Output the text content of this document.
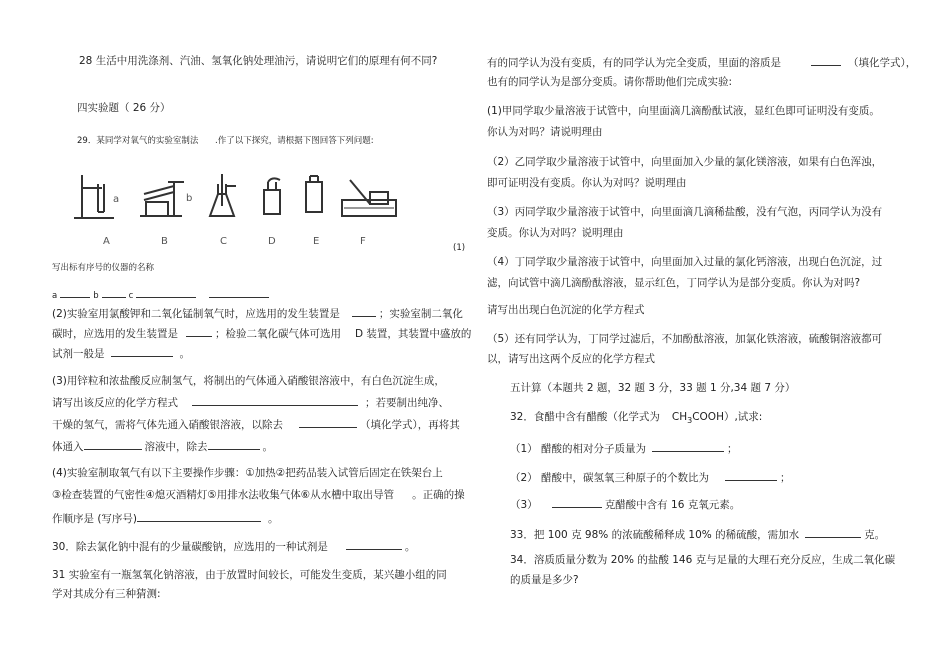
28 生活中用洗涤剂、汽油、氢氧化钠处理油污，请说明它们的原理有何不同?
四实验题（ 26 分）
29．某同学对氧气的实验室制法 .作了以下探究，请根据下图回答下列问题:
a	b
A	B	C	D	E	F
(1)
写出标有序号的仪器的名称
a	b	c
(2)实验室用氯酸钾和二氧化锰制氧气时，应选用的发生装置是	；实验室制二氧化
碳时，应选用的发生装置是	；检验二氧化碳气体可选用 D 装置，其装置中盛放的
试剂一般是	。
(3)用锌粒和浓盐酸反应制氢气，将制出的气体通入硝酸银溶液中，有白色沉淀生成，
请写出该反应的化学方程式	；若要制出纯净、
干燥的氢气，需将气体先通入硝酸银溶液，以除去	（填化学式），再将其
体通入	溶液中，除去	。
(4)实验室制取氧气有以下主要操作步骤：①加热②把药品装入试管后固定在铁架台上
③检查装置的气密性④熄灭酒精灯⑤用排水法收集气体⑥从水槽中取出导管 。正确的操
作顺序是 (写序号)	。
30．除去氯化钠中混有的少量碳酸钠，应选用的一种试剂是	。
31 实验室有一瓶氢氧化钠溶液，由于放置时间较长，可能发生变质，某兴趣小组的同
学对其成分有三种猜测:
有的同学认为没有变质，有的同学认为完全变质，里面的溶质是	（填化学式），
也有的同学认为是部分变质。请你帮助他们完成实验:
(1)甲同学取少量溶液于试管中，向里面滴几滴酚酞试液，显红色即可证明没有变质。
你认为对吗？请说明理由
（2）乙同学取少量溶液于试管中，向里面加入少量的氯化镁溶液，如果有白色浑浊，
即可证明没有变质。你认为对吗？说明理由
（3）丙同学取少量溶液于试管中，向里面滴几滴稀盐酸，没有气泡，丙同学认为没有
变质。你认为对吗？说明理由
（4）丁同学取少量溶液于试管中，向里面加入过量的氯化钙溶液，出现白色沉淀，过
滤，向试管中滴几滴酚酞溶液，显示红色，丁同学认为是部分变质。你认为对吗?
请写出出现白色沉淀的化学方程式
（5）还有同学认为，丁同学过滤后，不加酚酞溶液，加氯化铁溶液，硫酸铜溶液都可
以，请写出这两个反应的化学方程式
五计算（本题共 2 题，32 题 3 分，33 题 1 分,34 题 7 分）
32．食醋中含有醋酸（化学式为 $CH_3COOH$）,试求:
（1） 醋酸的相对分子质量为	；
（2） 醋酸中，碳氢氧三种原子的个数比为	；
（3）	克醋酸中含有 16 克氧元素。
33．把 100 克 98% 的浓硫酸稀释成 10% 的稀硫酸，需加水	克。
34．溶质质量分数为 20% 的盐酸 146 克与足量的大理石充分反应，生成二氧化碳
的质量是多少?
